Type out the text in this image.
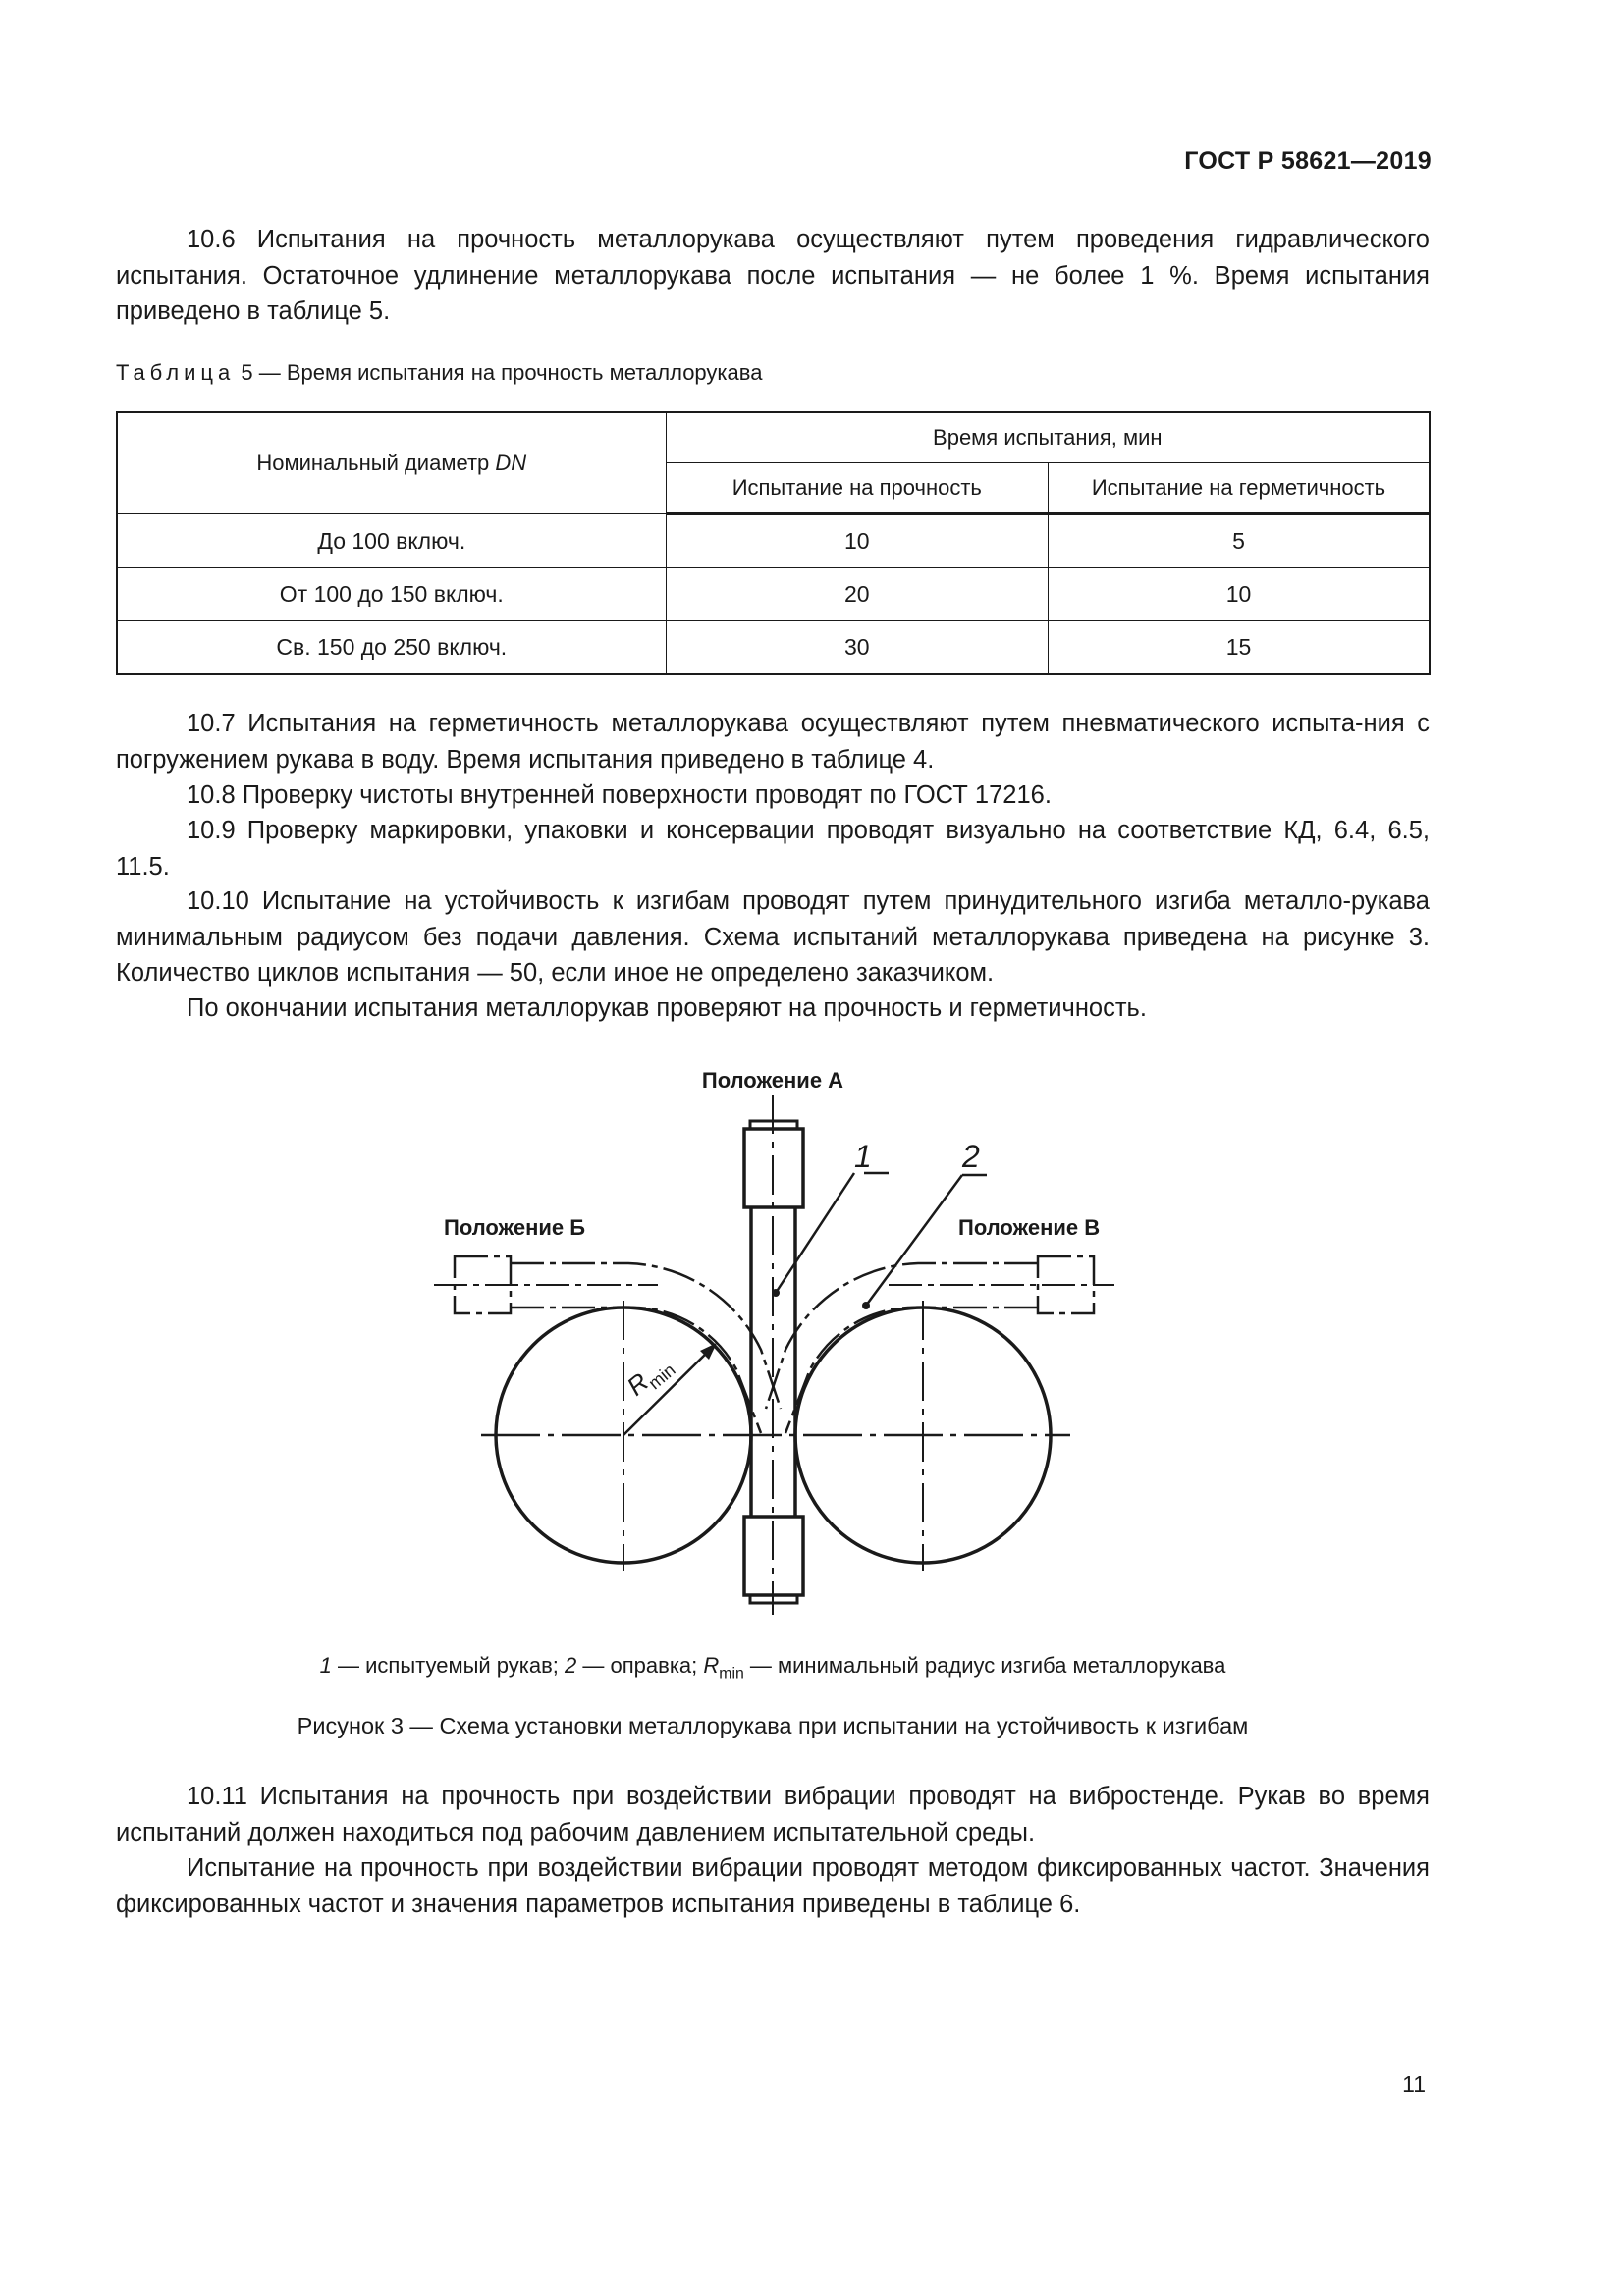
ГОСТ Р 58621—2019

10.6 Испытания на прочность металлорукава осуществляют путем проведения гидравлического испытания. Остаточное удлинение металлорукава после испытания — не более 1 %. Время испытания приведено в таблице 5.

Таблица 5 — Время испытания на прочность металлорукава
Номинальный диаметр DN	Время испытания, мин	
	Испытание на прочность	Испытание на герметичность
До 100 включ.	10	5
От 100 до 150 включ.	20	10
Св. 150 до 250 включ.	30	15

10.7 Испытания на герметичность металлорукава осуществляют путем пневматического испыта-ния с погружением рукава в воду. Время испытания приведено в таблице 4.

10.8 Проверку чистоты внутренней поверхности проводят по ГОСТ 17216.

10.9 Проверку маркировки, упаковки и консервации проводят визуально на соответствие КД, 6.4, 6.5, 11.5.

10.10 Испытание на устойчивость к изгибам проводят путем принудительного изгиба металло-рукава минимальным радиусом без подачи давления. Схема испытаний металлорукава приведена на рисунке 3. Количество циклов испытания — 50, если иное не определено заказчиком.

По окончании испытания металлорукав проверяют на прочность и герметичность.

Положение А
Положение Б	Положение В
1	2
$R_{min}$
1 — испытуемый рукав; 2 — оправка; $R_{min}$ — минимальный радиус изгиба металлорукава
Рисунок 3 — Схема установки металлорукава при испытании на устойчивость к изгибам

10.11 Испытания на прочность при воздействии вибрации проводят на вибростенде. Рукав во время испытаний должен находиться под рабочим давлением испытательной среды.

Испытание на прочность при воздействии вибрации проводят методом фиксированных частот. Значения фиксированных частот и значения параметров испытания приведены в таблице 6.

11
